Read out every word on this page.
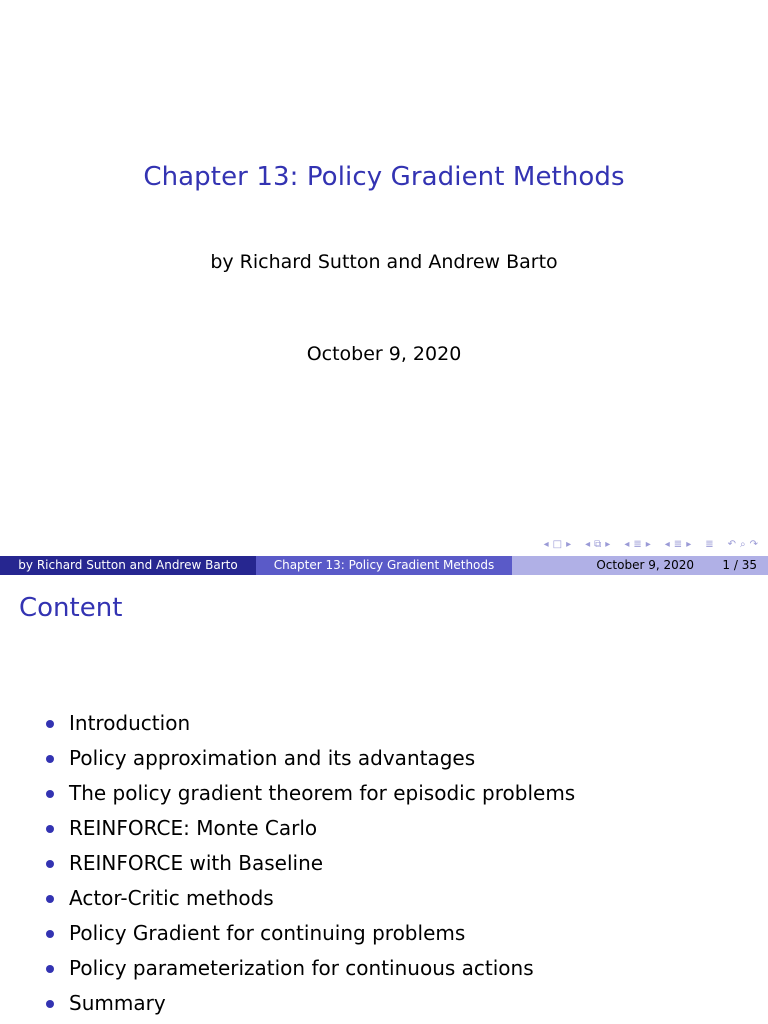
Chapter 13: Policy Gradient Methods
by Richard Sutton and Andrew Barto
October 9, 2020
◂ □ ▸ ◂ ⧉ ▸ ◂ ≣ ▸ ◂ ≣ ▸ ≣ ↶ ⌕ ↷
by Richard Sutton and Andrew Barto	Chapter 13: Policy Gradient Methods	October 9, 2020 1 / 35
Content
Introduction
Policy approximation and its advantages
The policy gradient theorem for episodic problems
REINFORCE: Monte Carlo
REINFORCE with Baseline
Actor-Critic methods
Policy Gradient for continuing problems
Policy parameterization for continuous actions
Summary
